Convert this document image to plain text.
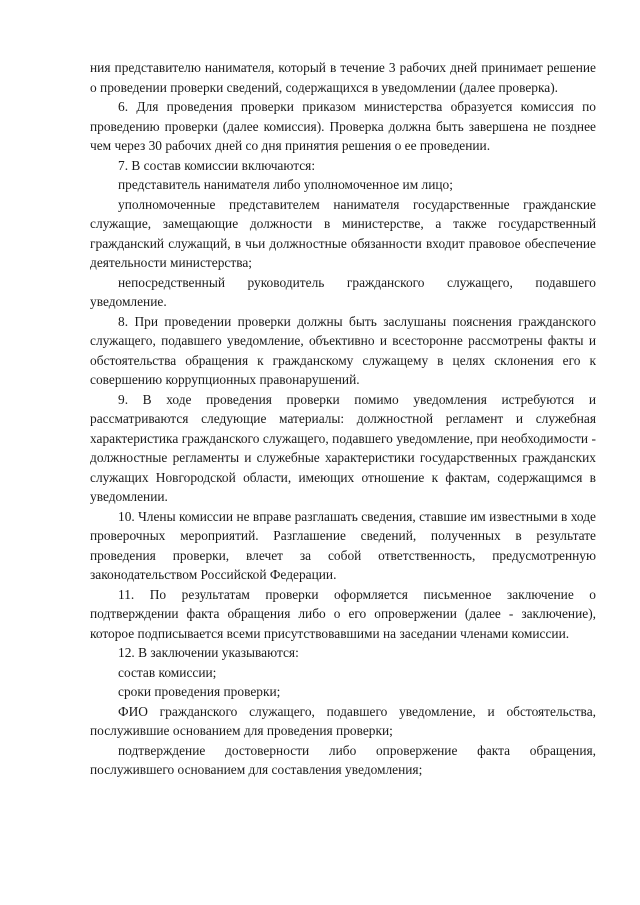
ния представителю нанимателя, который в течение 3 рабочих дней принимает решение о проведении проверки сведений, содержащихся в уведомлении (далее проверка).

6. Для проведения проверки приказом министерства образуется комиссия по проведению проверки (далее комиссия). Проверка должна быть завершена не позднее чем через 30 рабочих дней со дня принятия решения о ее проведении.

7. В состав комиссии включаются:

представитель нанимателя либо уполномоченное им лицо;

уполномоченные представителем нанимателя государственные гражданские служащие, замещающие должности в министерстве, а также государственный гражданский служащий, в чьи должностные обязанности входит правовое обеспечение деятельности министерства;

непосредственный руководитель гражданского служащего, подавшего уведомление.

8. При проведении проверки должны быть заслушаны пояснения гражданского служащего, подавшего уведомление, объективно и всесторонне рассмотрены факты и обстоятельства обращения к гражданскому служащему в целях склонения его к совершению коррупционных правонарушений.

9. В ходе проведения проверки помимо уведомления истребуются и рассматриваются следующие материалы: должностной регламент и служебная характеристика гражданского служащего, подавшего уведомление, при необходимости - должностные регламенты и служебные характеристики государственных гражданских служащих Новгородской области, имеющих отношение к фактам, содержащимся в уведомлении.

10. Члены комиссии не вправе разглашать сведения, ставшие им известными в ходе проверочных мероприятий. Разглашение сведений, полученных в результате проведения проверки, влечет за собой ответственность, предусмотренную законодательством Российской Федерации.

11. По результатам проверки оформляется письменное заключение о подтверждении факта обращения либо о его опровержении (далее - заключение), которое подписывается всеми присутствовавшими на заседании членами комиссии.

12. В заключении указываются:

состав комиссии;

сроки проведения проверки;

ФИО гражданского служащего, подавшего уведомление, и обстоятельства, послужившие основанием для проведения проверки;

подтверждение достоверности либо опровержение факта обращения, послужившего основанием для составления уведомления;
